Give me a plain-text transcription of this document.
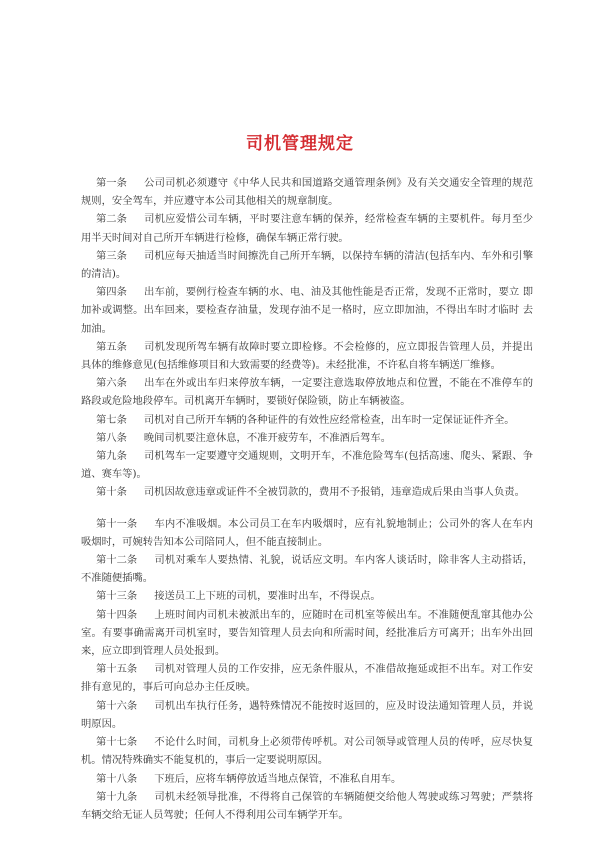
司机管理规定

第一条 公司司机必须遵守《中华人民共和国道路交通管理条例》及有关交通安全管理的规范规则，安全驾车，并应遵守本公司其他相关的规章制度。

第二条 司机应爱惜公司车辆，平时要注意车辆的保养，经常检查车辆的主要机件。每月至少用半天时间对自己所开车辆进行检修，确保车辆正常行驶。

第三条 司机应每天抽适当时间擦洗自己所开车辆，以保持车辆的清洁(包括车内、车外和引擎的清洁)。

第四条 出车前，要例行检查车辆的水、电、油及其他性能是否正常，发现不正常时，要立 即加补或调整。出车回来，要检查存油量，发现存油不足一格时，应立即加油，不得出车时才临时 去加油。

第五条 司机发现所驾车辆有故障时要立即检修。不会检修的，应立即报告管理人员，并提出具体的维修意见(包括维修项目和大致需要的经费等)。未经批准，不许私自将车辆送厂维修。

第六条 出车在外或出车归来停放车辆，一定要注意选取停放地点和位置，不能在不准停车的路段或危险地段停车。司机离开车辆时，要锁好保险锁，防止车辆被盗。

第七条 司机对自己所开车辆的各种证件的有效性应经常检查，出车时一定保证证件齐全。

第八条 晚间司机要注意休息，不准开疲劳车，不准酒后驾车。

第九条 司机驾车一定要遵守交通规则，文明开车，不准危险驾车(包括高速、爬头、紧跟、争道、赛车等)。

第十条 司机因故意违章或证件不全被罚款的，费用不予报销，违章造成后果由当事人负责。

第十一条 车内不准吸烟。本公司员工在车内吸烟时，应有礼貌地制止；公司外的客人在车内吸烟时，可婉转告知本公司陪同人，但不能直接制止。

第十二条 司机对乘车人要热情、礼貌，说话应文明。车内客人谈话时，除非客人主动搭话，不准随便插嘴。

第十三条 接送员工上下班的司机，要准时出车，不得误点。

第十四条 上班时间内司机未被派出车的，应随时在司机室等候出车。不准随便乱窜其他办公室。有要事确需离开司机室时，要告知管理人员去向和所需时间，经批准后方可离开；出车外出回来，应立即到管理人员处报到。

第十五条 司机对管理人员的工作安排，应无条件服从，不准借故拖延或拒不出车。对工作安排有意见的，事后可向总办主任反映。

第十六条 司机出车执行任务，遇特殊情况不能按时返回的，应及时设法通知管理人员，并说明原因。

第十七条 不论什么时间，司机身上必须带传呼机。对公司领导或管理人员的传呼，应尽快复机。情况特殊确实不能复机的，事后一定要说明原因。

第十八条 下班后，应将车辆停放适当地点保管，不准私自用车。

第十九条 司机未经领导批准，不得将自己保管的车辆随便交给他人驾驶或练习驾驶；严禁将车辆交给无证人员驾驶；任何人不得利用公司车辆学开车。
